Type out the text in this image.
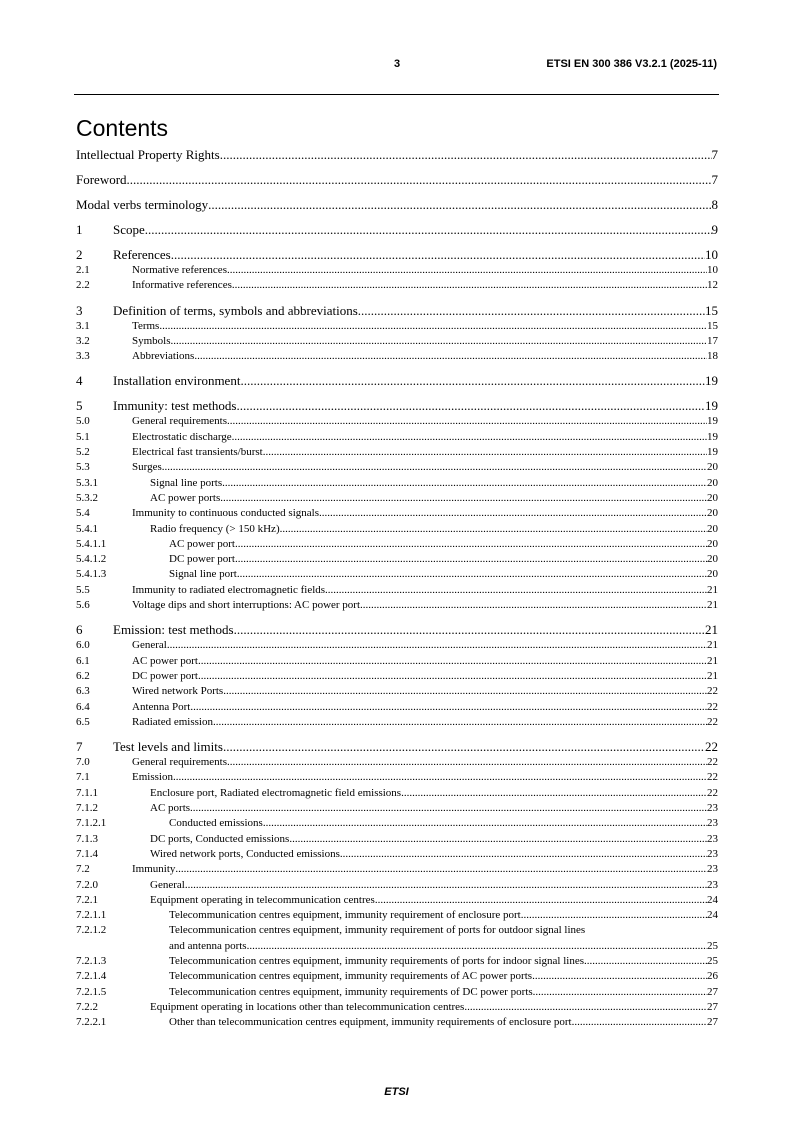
3	ETSI EN 300 386 V3.2.1 (2025-11)
Contents
Intellectual Property Rights .....	7
Foreword .....	7
Modal verbs terminology .....	8
1	Scope .....	9
2	References .....	10
2.1	Normative references .....	10
2.2	Informative references .....	12
3	Definition of terms, symbols and abbreviations .....	15
3.1	Terms .....	15
3.2	Symbols .....	17
3.3	Abbreviations .....	18
4	Installation environment .....	19
5	Immunity: test methods .....	19
5.0	General requirements .....	19
5.1	Electrostatic discharge .....	19
5.2	Electrical fast transients/burst .....	19
5.3	Surges .....	20
5.3.1	Signal line ports .....	20
5.3.2	AC power ports .....	20
5.4	Immunity to continuous conducted signals .....	20
5.4.1	Radio frequency (> 150 kHz) .....	20
5.4.1.1	AC power port .....	20
5.4.1.2	DC power port .....	20
5.4.1.3	Signal line port .....	20
5.5	Immunity to radiated electromagnetic fields .....	21
5.6	Voltage dips and short interruptions: AC power port .....	21
6	Emission: test methods .....	21
6.0	General .....	21
6.1	AC power port .....	21
6.2	DC power port .....	21
6.3	Wired network Ports .....	22
6.4	Antenna Port .....	22
6.5	Radiated emission .....	22
7	Test levels and limits .....	22
7.0	General requirements .....	22
7.1	Emission .....	22
7.1.1	Enclosure port, Radiated electromagnetic field emissions .....	22
7.1.2	AC ports .....	23
7.1.2.1	Conducted emissions .....	23
7.1.3	DC ports, Conducted emissions .....	23
7.1.4	Wired network ports, Conducted emissions .....	23
7.2	Immunity .....	23
7.2.0	General .....	23
7.2.1	Equipment operating in telecommunication centres .....	24
7.2.1.1	Telecommunication centres equipment, immunity requirement of enclosure port .....	24
7.2.1.2	Telecommunication centres equipment, immunity requirement of ports for outdoor signal lines
and antenna ports .....	25
7.2.1.3	Telecommunication centres equipment, immunity requirements of ports for indoor signal lines .....	25
7.2.1.4	Telecommunication centres equipment, immunity requirements of AC power ports .....	26
7.2.1.5	Telecommunication centres equipment, immunity requirements of DC power ports .....	27
7.2.2	Equipment operating in locations other than telecommunication centres .....	27
7.2.2.1	Other than telecommunication centres equipment, immunity requirements of enclosure port .....	27
ETSI
